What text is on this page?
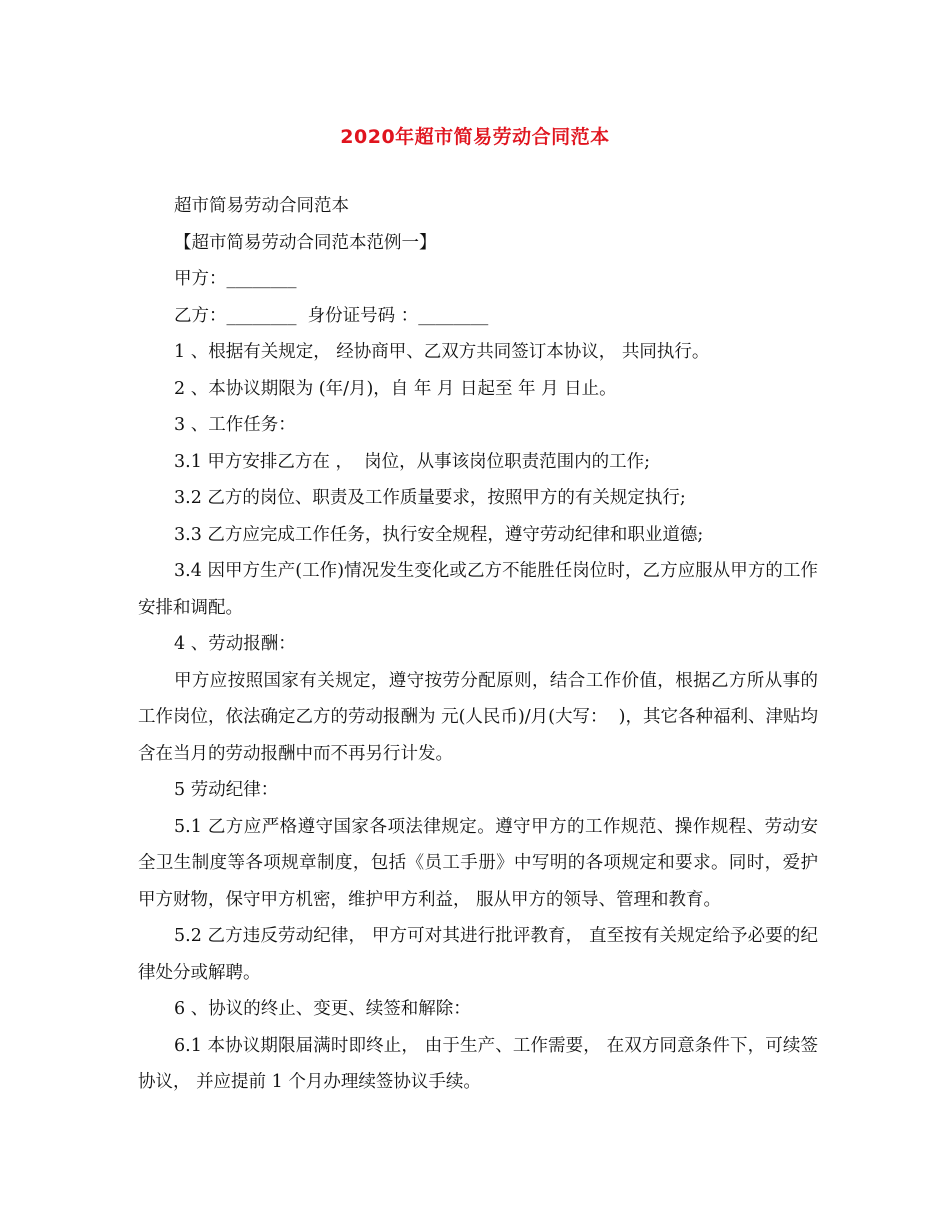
2020年超市简易劳动合同范本

超市简易劳动合同范本

【超市简易劳动合同范本范例一】

甲方：________

乙方：________  身份证号码 ：________

1 、根据有关规定， 经协商甲、乙双方共同签订本协议， 共同执行。

2 、本协议期限为 (年/月)，自 年 月 日起至 年 月 日止。

3 、工作任务：

3.1 甲方安排乙方在 ，  岗位，从事该岗位职责范围内的工作;

3.2 乙方的岗位、职责及工作质量要求，按照甲方的有关规定执行;

3.3 乙方应完成工作任务，执行安全规程，遵守劳动纪律和职业道德;

3.4 因甲方生产(工作)情况发生变化或乙方不能胜任岗位时，乙方应服从甲方的工作安排和调配。

4 、劳动报酬：

甲方应按照国家有关规定，遵守按劳分配原则，结合工作价值，根据乙方所从事的工作岗位，依法确定乙方的劳动报酬为 元(人民币)/月(大写：  )，其它各种福利、津贴均含在当月的劳动报酬中而不再另行计发。

5 劳动纪律：

5.1 乙方应严格遵守国家各项法律规定。遵守甲方的工作规范、操作规程、劳动安全卫生制度等各项规章制度，包括《员工手册》中写明的各项规定和要求。同时，爱护甲方财物，保守甲方机密，维护甲方利益， 服从甲方的领导、管理和教育。

5.2 乙方违反劳动纪律， 甲方可对其进行批评教育， 直至按有关规定给予必要的纪律处分或解聘。

6 、协议的终止、变更、续签和解除：

6.1 本协议期限届满时即终止， 由于生产、工作需要， 在双方同意条件下，可续签协议， 并应提前 1 个月办理续签协议手续。
